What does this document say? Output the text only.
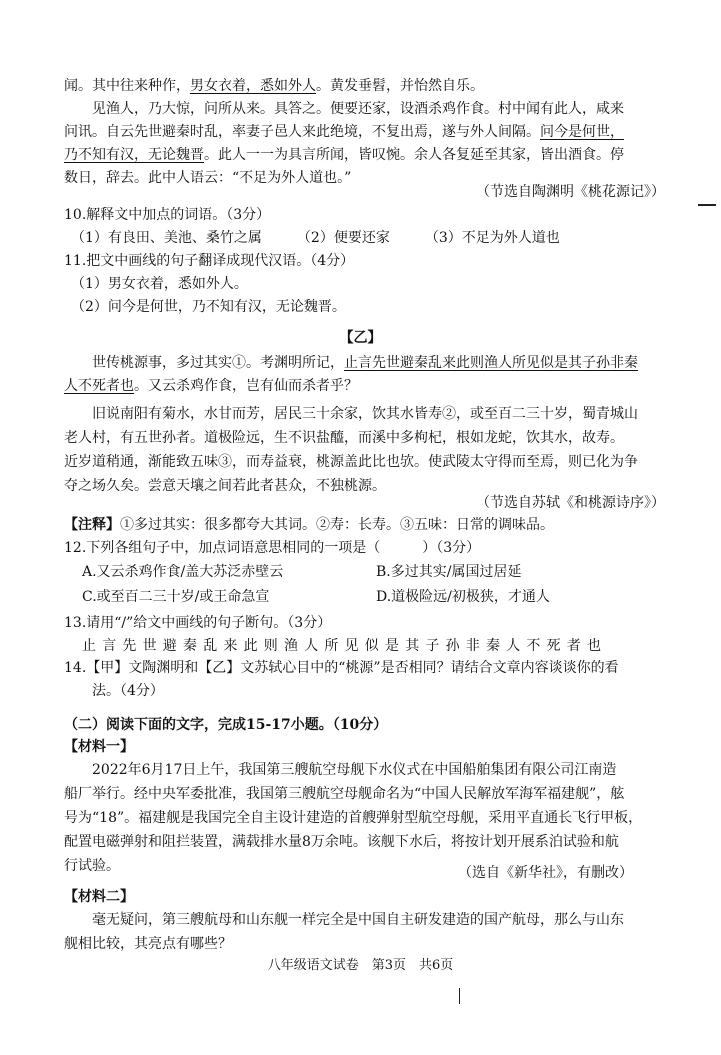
闻。其中往来种作，男女衣着，悉如外人。黄发垂髫，并怡然自乐。
　　见渔人，乃大惊，问所从来。具答之。便要还家，设酒杀鸡作食。村中闻有此人，咸来
问讯。自云先世避秦时乱，率妻子邑人来此绝境，不复出焉，遂与外人间隔。问今是何世，
乃不知有汉，无论魏晋。此人一一为具言所闻，皆叹惋。余人各复延至其家，皆出酒食。停
数日，辞去。此中人语云：“不足为外人道也。”
（节选自陶渊明《桃花源记》）
10.解释文中加点的词语。（3分）
　（1）有良田、美池、桑竹之属　　　（2）便要还家　　　（3）不足为外人道也
11.把文中画线的句子翻译成现代汉语。（4分）
　（1）男女衣着，悉如外人。
　（2）问今是何世，乃不知有汉，无论魏晋。
【乙】
　　世传桃源事，多过其实①。考渊明所记，止言先世避秦乱来此则渔人所见似是其子孙非秦
人不死者也。又云杀鸡作食，岂有仙而杀者乎？
　　旧说南阳有菊水，水甘而芳，居民三十余家，饮其水皆寿②，或至百二三十岁，蜀青城山
老人村，有五世孙者。道极险远，生不识盐醯，而溪中多枸杞，根如龙蛇，饮其水，故寿。
近岁道稍通，渐能致五味③，而寿益衰，桃源盖此比也欤。使武陵太守得而至焉，则已化为争
夺之场久矣。尝意天壤之间若此者甚众，不独桃源。
（节选自苏轼《和桃源诗序》）
【注释】①多过其实：很多都夸大其词。②寿：长寿。③五味：日常的调味品。
12.下列各组句子中，加点词语意思相同的一项是（　　　）（3分）
A.又云杀鸡作食/盖大苏泛赤壁云	B.多过其实/属国过居延
C.或至百二三十岁/或王命急宣	D.道极险远/初极狭，才通人
13.请用“/”给文中画线的句子断句。（3分）
止言先世避秦乱来此则渔人所见似是其子孙非秦人不死者也
14.【甲】文陶渊明和【乙】文苏轼心目中的“桃源”是否相同？请结合文章内容谈谈你的看
　　法。（4分）
（二）阅读下面的文字，完成15-17小题。（10分）
【材料一】
　　2022年6月17日上午，我国第三艘航空母舰下水仪式在中国船舶集团有限公司江南造
船厂举行。经中央军委批准，我国第三艘航空母舰命名为“中国人民解放军海军福建舰”，舷
号为“18”。福建舰是我国完全自主设计建造的首艘弹射型航空母舰，采用平直通长飞行甲板，
配置电磁弹射和阻拦装置，满载排水量8万余吨。该舰下水后，将按计划开展系泊试验和航
行试验。	（选自《新华社》，有删改）
【材料二】
　　毫无疑问，第三艘航母和山东舰一样完全是中国自主研发建造的国产航母，那么与山东
舰相比较，其亮点有哪些？
八年级语文试卷　第3页　共6页
